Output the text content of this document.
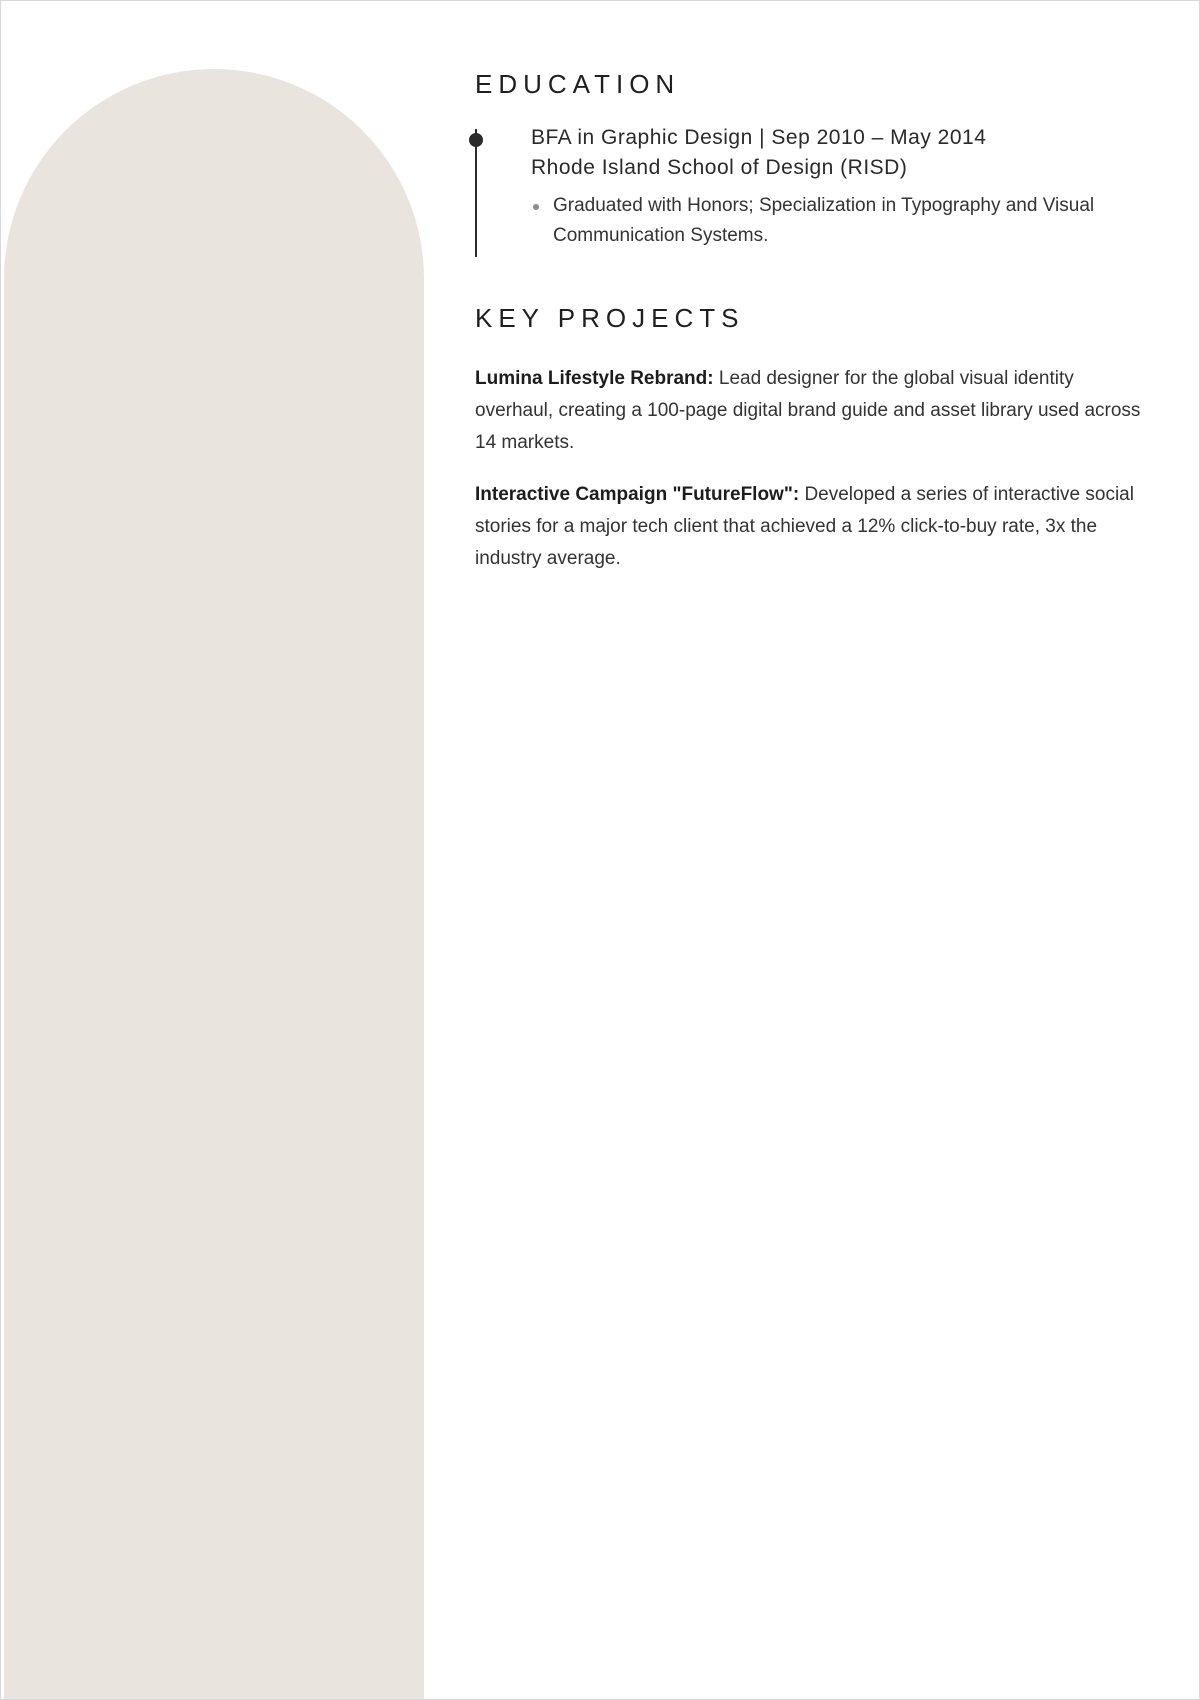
EDUCATION
BFA in Graphic Design | Sep 2010 – May 2014
Rhode Island School of Design (RISD)
Graduated with Honors; Specialization in Typography and Visual Communication Systems.
KEY PROJECTS

Lumina Lifestyle Rebrand: Lead designer for the global visual identity overhaul, creating a 100-page digital brand guide and asset library used across 14 markets.

Interactive Campaign "FutureFlow": Developed a series of interactive social stories for a major tech client that achieved a 12% click-to-buy rate, 3x the industry average.
